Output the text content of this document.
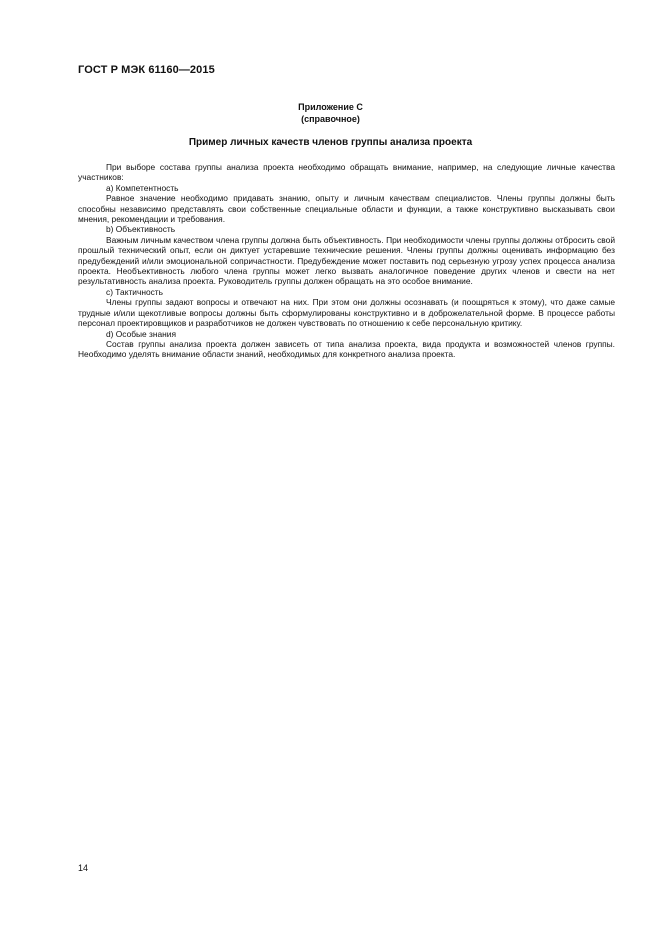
ГОСТ Р МЭК 61160—2015
Приложение С
(справочное)
Пример личных качеств членов группы анализа проекта

При выборе состава группы анализа проекта необходимо обращать внимание, например, на следующие личные качества участников:

a) Компетентность

Равное значение необходимо придавать знанию, опыту и личным качествам специалистов. Члены группы должны быть способны независимо представлять свои собственные специальные области и функции, а также конструктивно высказывать свои мнения, рекомендации и требования.

b) Объективность

Важным личным качеством члена группы должна быть объективность. При необходимости члены группы должны отбросить свой прошлый технический опыт, если он диктует устаревшие технические решения. Члены группы должны оценивать информацию без предубеждений и/или эмоциональной сопричастности. Предубеждение может поставить под серьезную угрозу успех процесса анализа проекта. Необъективность любого члена группы может легко вызвать аналогичное поведение других членов и свести на нет результативность анализа проекта. Руководитель группы должен обращать на это особое внимание.

c) Тактичность

Члены группы задают вопросы и отвечают на них. При этом они должны осознавать (и поощряться к этому), что даже самые трудные и/или щекотливые вопросы должны быть сформулированы конструктивно и в доброжелательной форме. В процессе работы персонал проектировщиков и разработчиков не должен чувствовать по отношению к себе персональную критику.

d) Особые знания

Состав группы анализа проекта должен зависеть от типа анализа проекта, вида продукта и возможностей членов группы. Необходимо уделять внимание области знаний, необходимых для конкретного анализа проекта.

14
